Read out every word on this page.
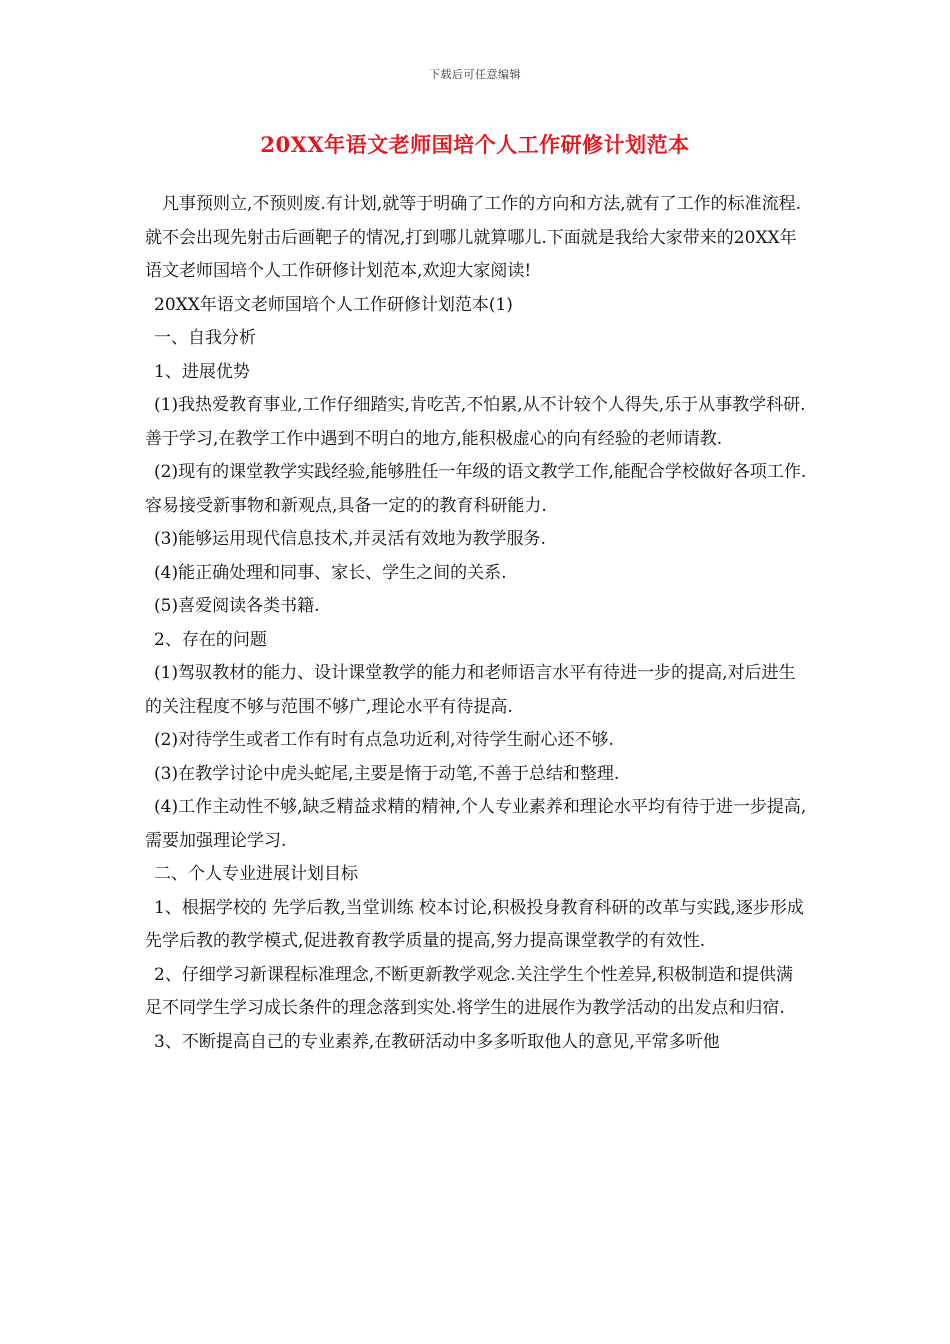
下载后可任意编辑
20XX年语文老师国培个人工作研修计划范本

凡事预则立,不预则废.有计划,就等于明确了工作的方向和方法,就有了工作的标准流程.就不会出现先射击后画靶子的情况,打到哪儿就算哪儿.下面就是我给大家带来的20XX年语文老师国培个人工作研修计划范本,欢迎大家阅读!

20XX年语文老师国培个人工作研修计划范本(1)

一、自我分析

1、进展优势

(1)我热爱教育事业,工作仔细踏实,肯吃苦,不怕累,从不计较个人得失,乐于从事教学科研.善于学习,在教学工作中遇到不明白的地方,能积极虚心的向有经验的老师请教.

(2)现有的课堂教学实践经验,能够胜任一年级的语文教学工作,能配合学校做好各项工作.容易接受新事物和新观点,具备一定的的教育科研能力.

(3)能够运用现代信息技术,并灵活有效地为教学服务.

(4)能正确处理和同事、家长、学生之间的关系.

(5)喜爱阅读各类书籍.

2、存在的问题

(1)驾驭教材的能力、设计课堂教学的能力和老师语言水平有待进一步的提高,对后进生的关注程度不够与范围不够广,理论水平有待提高.

(2)对待学生或者工作有时有点急功近利,对待学生耐心还不够.

(3)在教学讨论中虎头蛇尾,主要是惰于动笔,不善于总结和整理.

(4)工作主动性不够,缺乏精益求精的精神,个人专业素养和理论水平均有待于进一步提高,需要加强理论学习.

二、个人专业进展计划目标

1、根据学校的 先学后教,当堂训练 校本讨论,积极投身教育科研的改革与实践,逐步形成先学后教的教学模式,促进教育教学质量的提高,努力提高课堂教学的有效性.

2、仔细学习新课程标准理念,不断更新教学观念.关注学生个性差异,积极制造和提供满足不同学生学习成长条件的理念落到实处.将学生的进展作为教学活动的出发点和归宿.

3、不断提高自己的专业素养,在教研活动中多多听取他人的意见,平常多听他
